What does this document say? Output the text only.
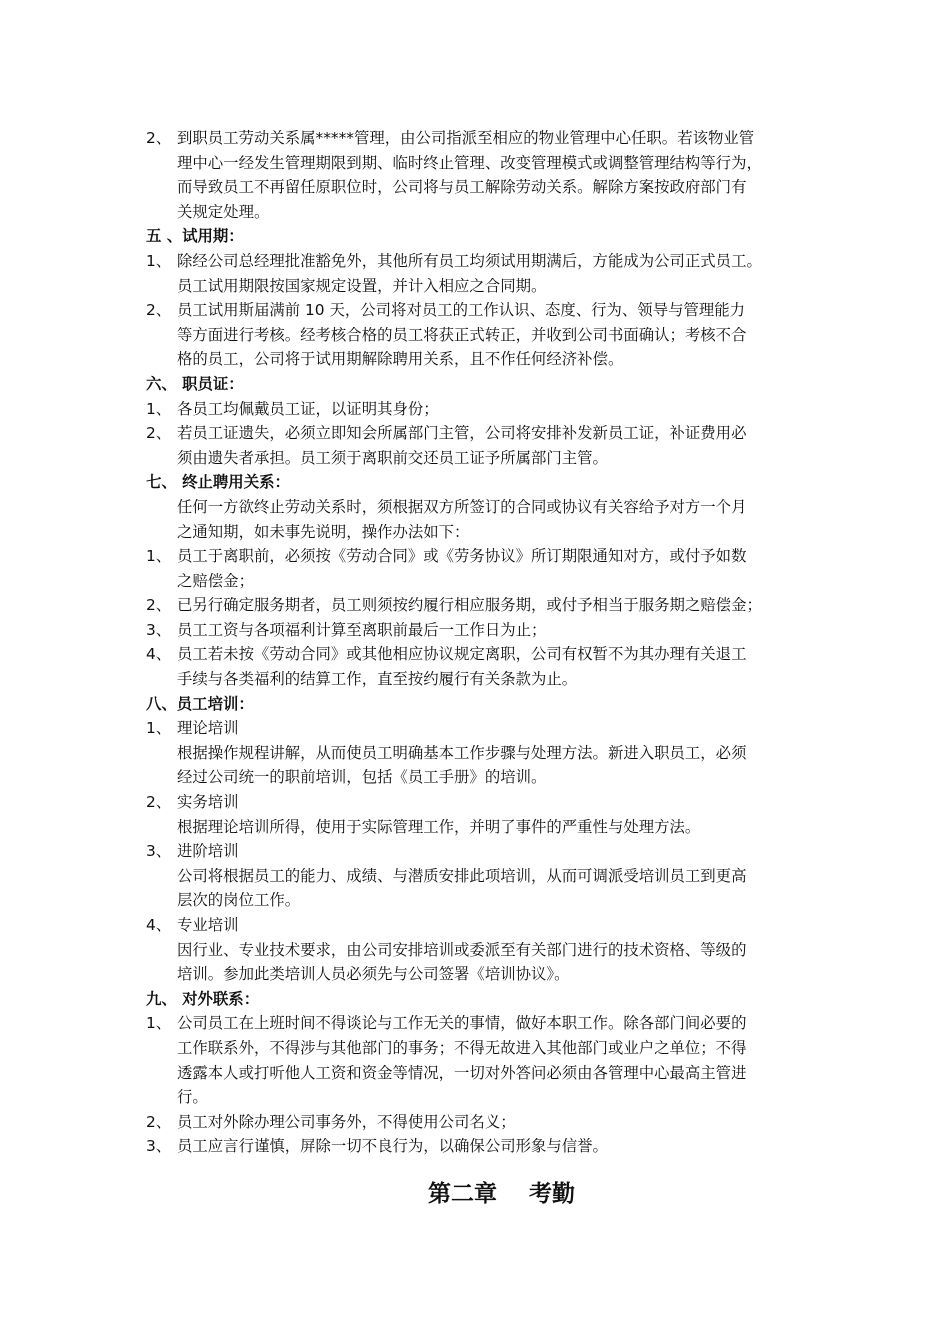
2、 到职员工劳动关系属*****管理，由公司指派至相应的物业管理中心任职。若该物业管
理中心一经发生管理期限到期、临时终止管理、改变管理模式或调整管理结构等行为，
而导致员工不再留任原职位时，公司将与员工解除劳动关系。解除方案按政府部门有
关规定处理。
五 、试用期：
1、 除经公司总经理批准豁免外，其他所有员工均须试用期满后，方能成为公司正式员工。
员工试用期限按国家规定设置，并计入相应之合同期。
2、 员工试用斯届满前 10 天，公司将对员工的工作认识、态度、行为、领导与管理能力
等方面进行考核。经考核合格的员工将获正式转正，并收到公司书面确认；考核不合
格的员工，公司将于试用期解除聘用关系，且不作任何经济补偿。
六、 职员证：
1、 各员工均佩戴员工证，以证明其身份；
2、 若员工证遗失，必须立即知会所属部门主管，公司将安排补发新员工证，补证费用必
须由遗失者承担。员工须于离职前交还员工证予所属部门主管。
七、 终止聘用关系：
任何一方欲终止劳动关系时，须根据双方所签订的合同或协议有关容给予对方一个月
之通知期，如未事先说明，操作办法如下：
1、 员工于离职前，必须按《劳动合同》或《劳务协议》所订期限通知对方，或付予如数
之赔偿金；
2、 已另行确定服务期者，员工则须按约履行相应服务期，或付予相当于服务期之赔偿金；
3、 员工工资与各项福利计算至离职前最后一工作日为止；
4、 员工若未按《劳动合同》或其他相应协议规定离职，公司有权暂不为其办理有关退工
手续与各类福利的结算工作，直至按约履行有关条款为止。
八、员工培训：
1、 理论培训
根据操作规程讲解，从而使员工明确基本工作步骤与处理方法。新进入职员工，必须
经过公司统一的职前培训，包括《员工手册》的培训。
2、 实务培训
根据理论培训所得，使用于实际管理工作，并明了事件的严重性与处理方法。
3、 进阶培训
公司将根据员工的能力、成绩、与潜质安排此项培训，从而可调派受培训员工到更高
层次的岗位工作。
4、 专业培训
因行业、专业技术要求，由公司安排培训或委派至有关部门进行的技术资格、等级的
培训。参加此类培训人员必须先与公司签署《培训协议》。
九、 对外联系：
1、 公司员工在上班时间不得谈论与工作无关的事情，做好本职工作。除各部门间必要的
工作联系外，不得涉与其他部门的事务；不得无故进入其他部门或业户之单位；不得
透露本人或打听他人工资和资金等情况，一切对外答问必须由各管理中心最高主管进
行。
2、 员工对外除办理公司事务外，不得使用公司名义；
3、 员工应言行谨慎，屏除一切不良行为，以确保公司形象与信誉。
第二章    考勤
